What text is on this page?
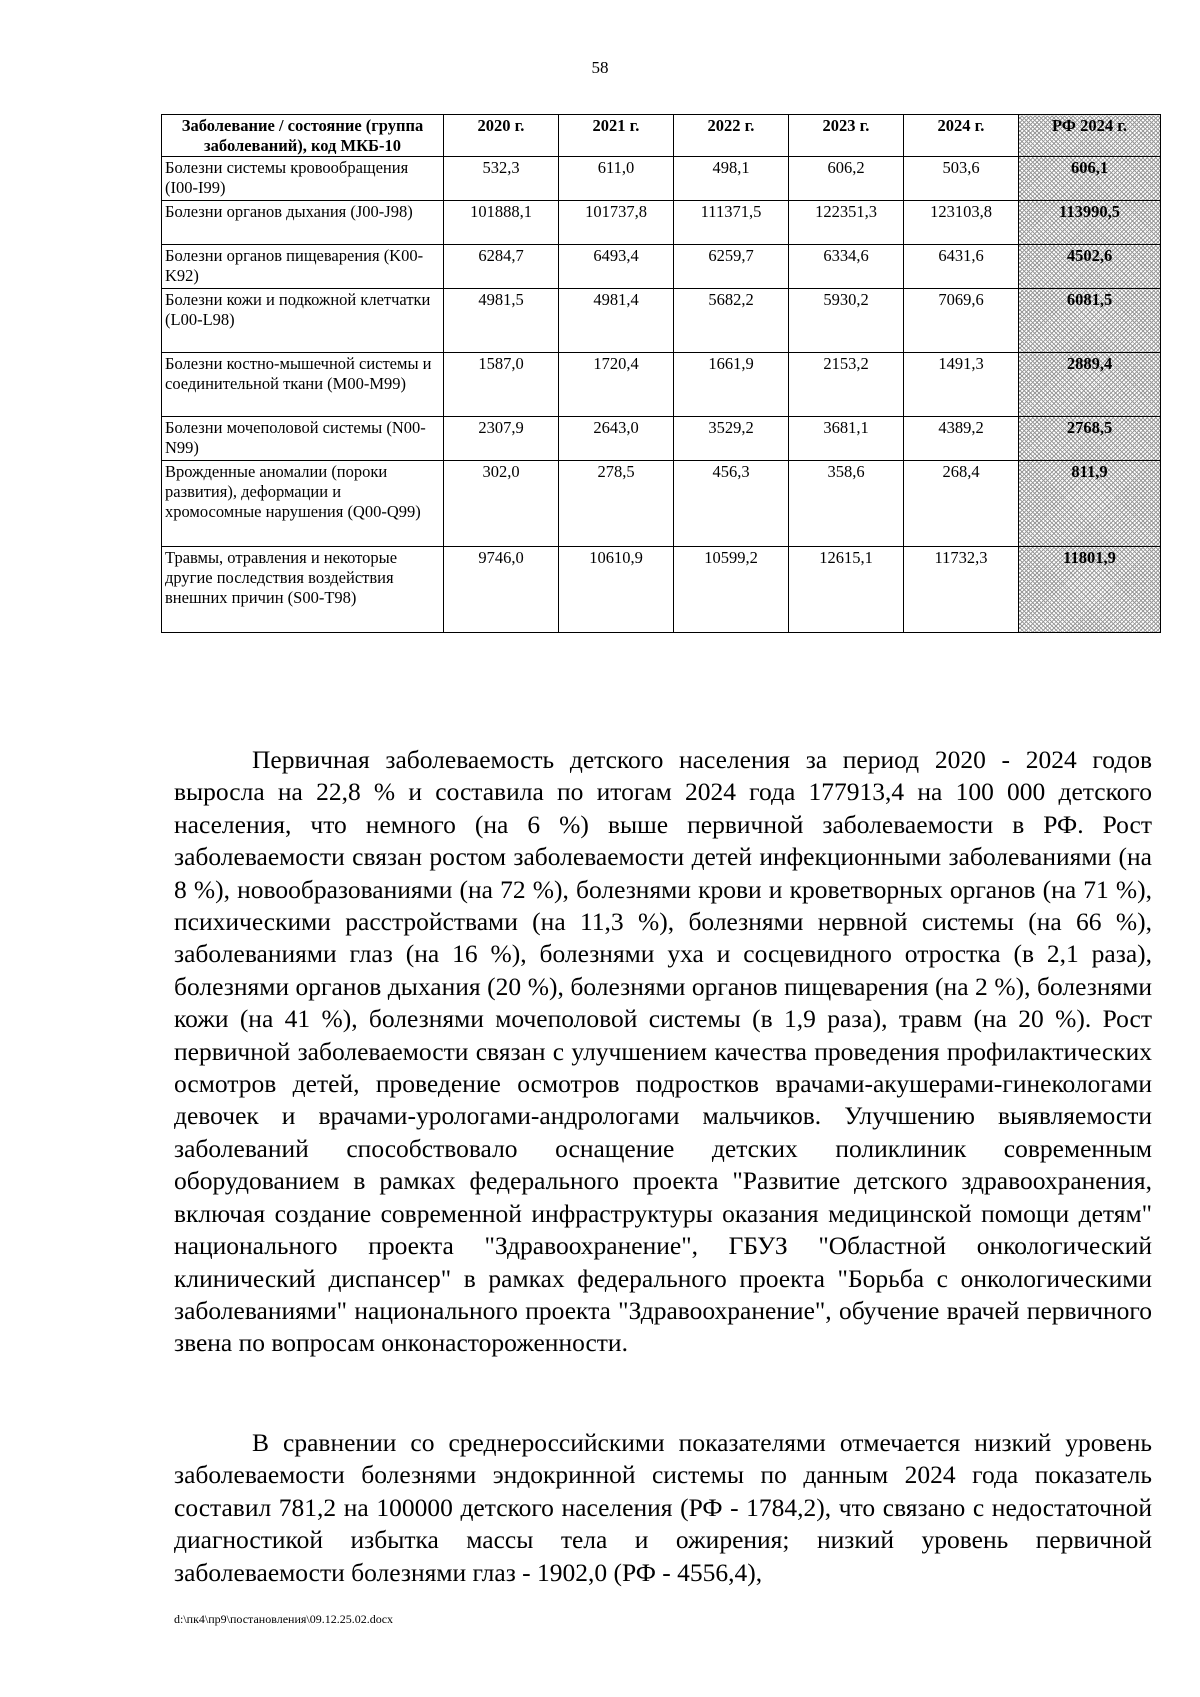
58
Заболевание / состояние (группа заболеваний), код МКБ-10	2020 г.	2021 г.	2022 г.	2023 г.	2024 г.	РФ 2024 г.
Болезни системы кровообращения (I00-I99)	532,3	611,0	498,1	606,2	503,6	606,1
Болезни органов дыхания (J00-J98)	101888,1	101737,8	111371,5	122351,3	123103,8	113990,5
Болезни органов пищеварения (K00-K92)	6284,7	6493,4	6259,7	6334,6	6431,6	4502,6
Болезни кожи и подкожной клетчатки (L00-L98)	4981,5	4981,4	5682,2	5930,2	7069,6	6081,5
Болезни костно-мышечной системы и соединительной ткани (M00-M99)	1587,0	1720,4	1661,9	2153,2	1491,3	2889,4
Болезни мочеполовой системы (N00-N99)	2307,9	2643,0	3529,2	3681,1	4389,2	2768,5
Врожденные аномалии (пороки развития), деформации и хромосомные нарушения (Q00-Q99)	302,0	278,5	456,3	358,6	268,4	811,9
Травмы, отравления и некоторые другие последствия воздействия внешних причин (S00-T98)	9746,0	10610,9	10599,2	12615,1	11732,3	11801,9

Первичная заболеваемость детского населения за период 2020 - 2024 годов выросла на 22,8 % и составила по итогам 2024 года 177913,4 на 100 000 детского населения, что немного (на 6 %) выше первичной заболеваемости в РФ. Рост заболеваемости связан ростом заболеваемости детей инфекционными заболеваниями (на 8 %), новообразованиями (на 72 %), болезнями крови и кроветворных органов (на 71 %), психическими расстройствами (на 11,3 %), болезнями нервной системы (на 66 %), заболеваниями глаз (на 16 %), болезнями уха и сосцевидного отростка (в 2,1 раза), болезнями органов дыхания (20 %), болезнями органов пищеварения (на 2 %), болезнями кожи (на 41 %), болезнями мочеполовой системы (в 1,9 раза), травм (на 20 %). Рост первичной заболеваемости связан с улучшением качества проведения профилактических осмотров детей, проведение осмотров подростков врачами-акушерами-гинекологами девочек и врачами-урологами-андрологами мальчиков. Улучшению выявляемости заболеваний способствовало оснащение детских поликлиник современным оборудованием в рамках федерального проекта "Развитие детского здравоохранения, включая создание современной инфраструктуры оказания медицинской помощи детям" национального проекта "Здравоохранение", ГБУЗ "Областной онкологический клинический диспансер" в рамках федерального проекта "Борьба с онкологическими заболеваниями" национального проекта "Здравоохранение", обучение врачей первичного звена по вопросам онконастороженности.

В сравнении со среднероссийскими показателями отмечается низкий уровень заболеваемости болезнями эндокринной системы по данным 2024 года показатель составил 781,2 на 100000 детского населения (РФ - 1784,2), что связано с недостаточной диагностикой избытка массы тела и ожирения; низкий уровень первичной заболеваемости болезнями глаз - 1902,0 (РФ - 4556,4),

d:\пк4\пр9\постановления\09.12.25.02.docx
